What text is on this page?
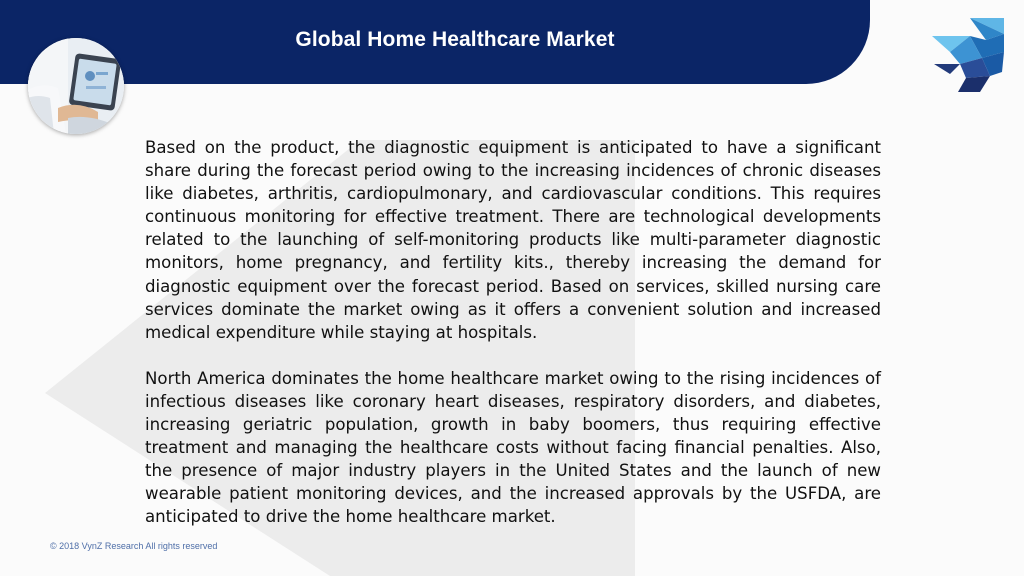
Global Home Healthcare Market

Based on the product, the diagnostic equipment is anticipated to have a significant share during the forecast period owing to the increasing incidences of chronic diseases like diabetes, arthritis, cardiopulmonary, and cardiovascular conditions. This requires continuous monitoring for effective treatment. There are technological developments related to the launching of self-monitoring products like multi-parameter diagnostic monitors, home pregnancy, and fertility kits., thereby increasing the demand for diagnostic equipment over the forecast period. Based on services, skilled nursing care services dominate the market owing as it offers a convenient solution and increased medical expenditure while staying at hospitals.

North America dominates the home healthcare market owing to the rising incidences of infectious diseases like coronary heart diseases, respiratory disorders, and diabetes, increasing geriatric population, growth in baby boomers, thus requiring effective treatment and managing the healthcare costs without facing financial penalties. Also, the presence of major industry players in the United States and the launch of new wearable patient monitoring devices, and the increased approvals by the USFDA, are anticipated to drive the home healthcare market.

© 2018 VynZ Research All rights reserved
